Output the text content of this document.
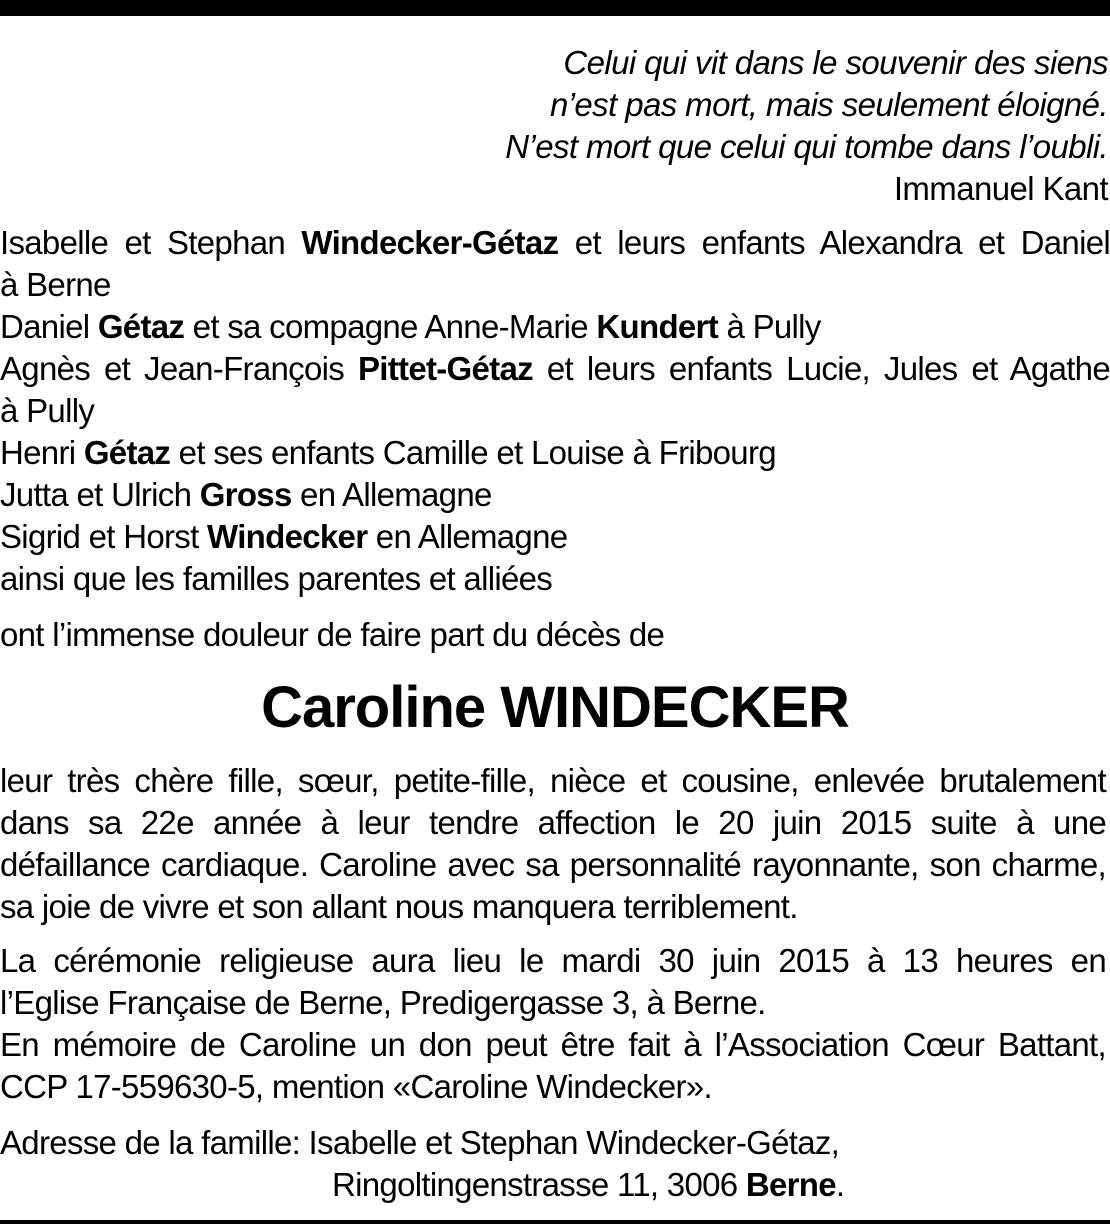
Celui qui vit dans le souvenir des siens
n’est pas mort, mais seulement éloigné.
N’est mort que celui qui tombe dans l’oubli.
Immanuel Kant
Isabelle et Stephan Windecker-Gétaz et leurs enfants Alexandra et Daniel
à Berne
Daniel Gétaz et sa compagne Anne-Marie Kundert à Pully
Agnès et Jean-François Pittet-Gétaz et leurs enfants Lucie, Jules et Agathe
à Pully
Henri Gétaz et ses enfants Camille et Louise à Fribourg
Jutta et Ulrich Gross en Allemagne
Sigrid et Horst Windecker en Allemagne
ainsi que les familles parentes et alliées
ont l’immense douleur de faire part du décès de
Caroline WINDECKER
leur très chère fille, sœur, petite-fille, nièce et cousine, enlevée brutalement
dans sa 22e année à leur tendre affection le 20 juin 2015 suite à une
défaillance cardiaque. Caroline avec sa personnalité rayonnante, son charme,
sa joie de vivre et son allant nous manquera terriblement.
La cérémonie religieuse aura lieu le mardi 30 juin 2015 à 13 heures en
l’Eglise Française de Berne, Predigergasse 3, à Berne.
En mémoire de Caroline un don peut être fait à l’Association Cœur Battant,
CCP 17-559630-5, mention «Caroline Windecker».
Adresse de la famille: Isabelle et Stephan Windecker-Gétaz,
Ringoltingenstrasse 11, 3006 Berne.
